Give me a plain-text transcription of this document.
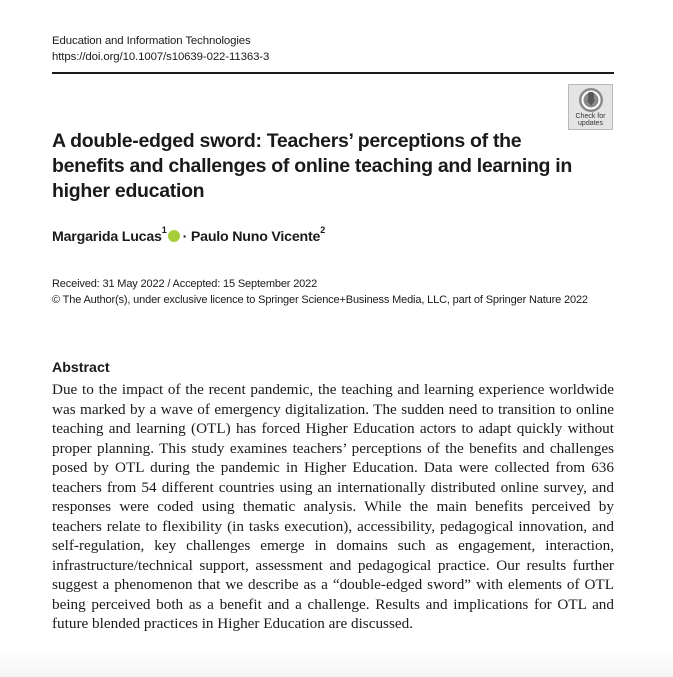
Education and Information Technologies
https://doi.org/10.1007/s10639-022-11363-3
Check for
updates
A double-edged sword: Teachers’ perceptions of the benefits and challenges of online teaching and learning in higher education
Margarida Lucas$^1$ · Paulo Nuno Vicente$^2$
Received: 31 May 2022 / Accepted: 15 September 2022
© The Author(s), under exclusive licence to Springer Science+Business Media, LLC, part of Springer Nature 2022
Abstract

Due to the impact of the recent pandemic, the teaching and learning experience worldwide was marked by a wave of emergency digitalization. The sudden need to transition to online teaching and learning (OTL) has forced Higher Education actors to adapt quickly without proper planning. This study examines teachers’ perceptions of the benefits and challenges posed by OTL during the pandemic in Higher Education. Data were collected from 636 teachers from 54 different countries using an internationally distributed online survey, and responses were coded using thematic analysis. While the main benefits perceived by teachers relate to flexibility (in tasks execution), accessibility, pedagogical innovation, and self-regulation, key challenges emerge in domains such as engagement, interaction, infrastructure/​technical support, assessment and pedagogical practice. Our results further suggest a phenomenon that we describe as a “double-edged sword” with elements of OTL being perceived both as a benefit and a challenge. Results and implications for OTL and future blended practices in Higher Education are discussed.
